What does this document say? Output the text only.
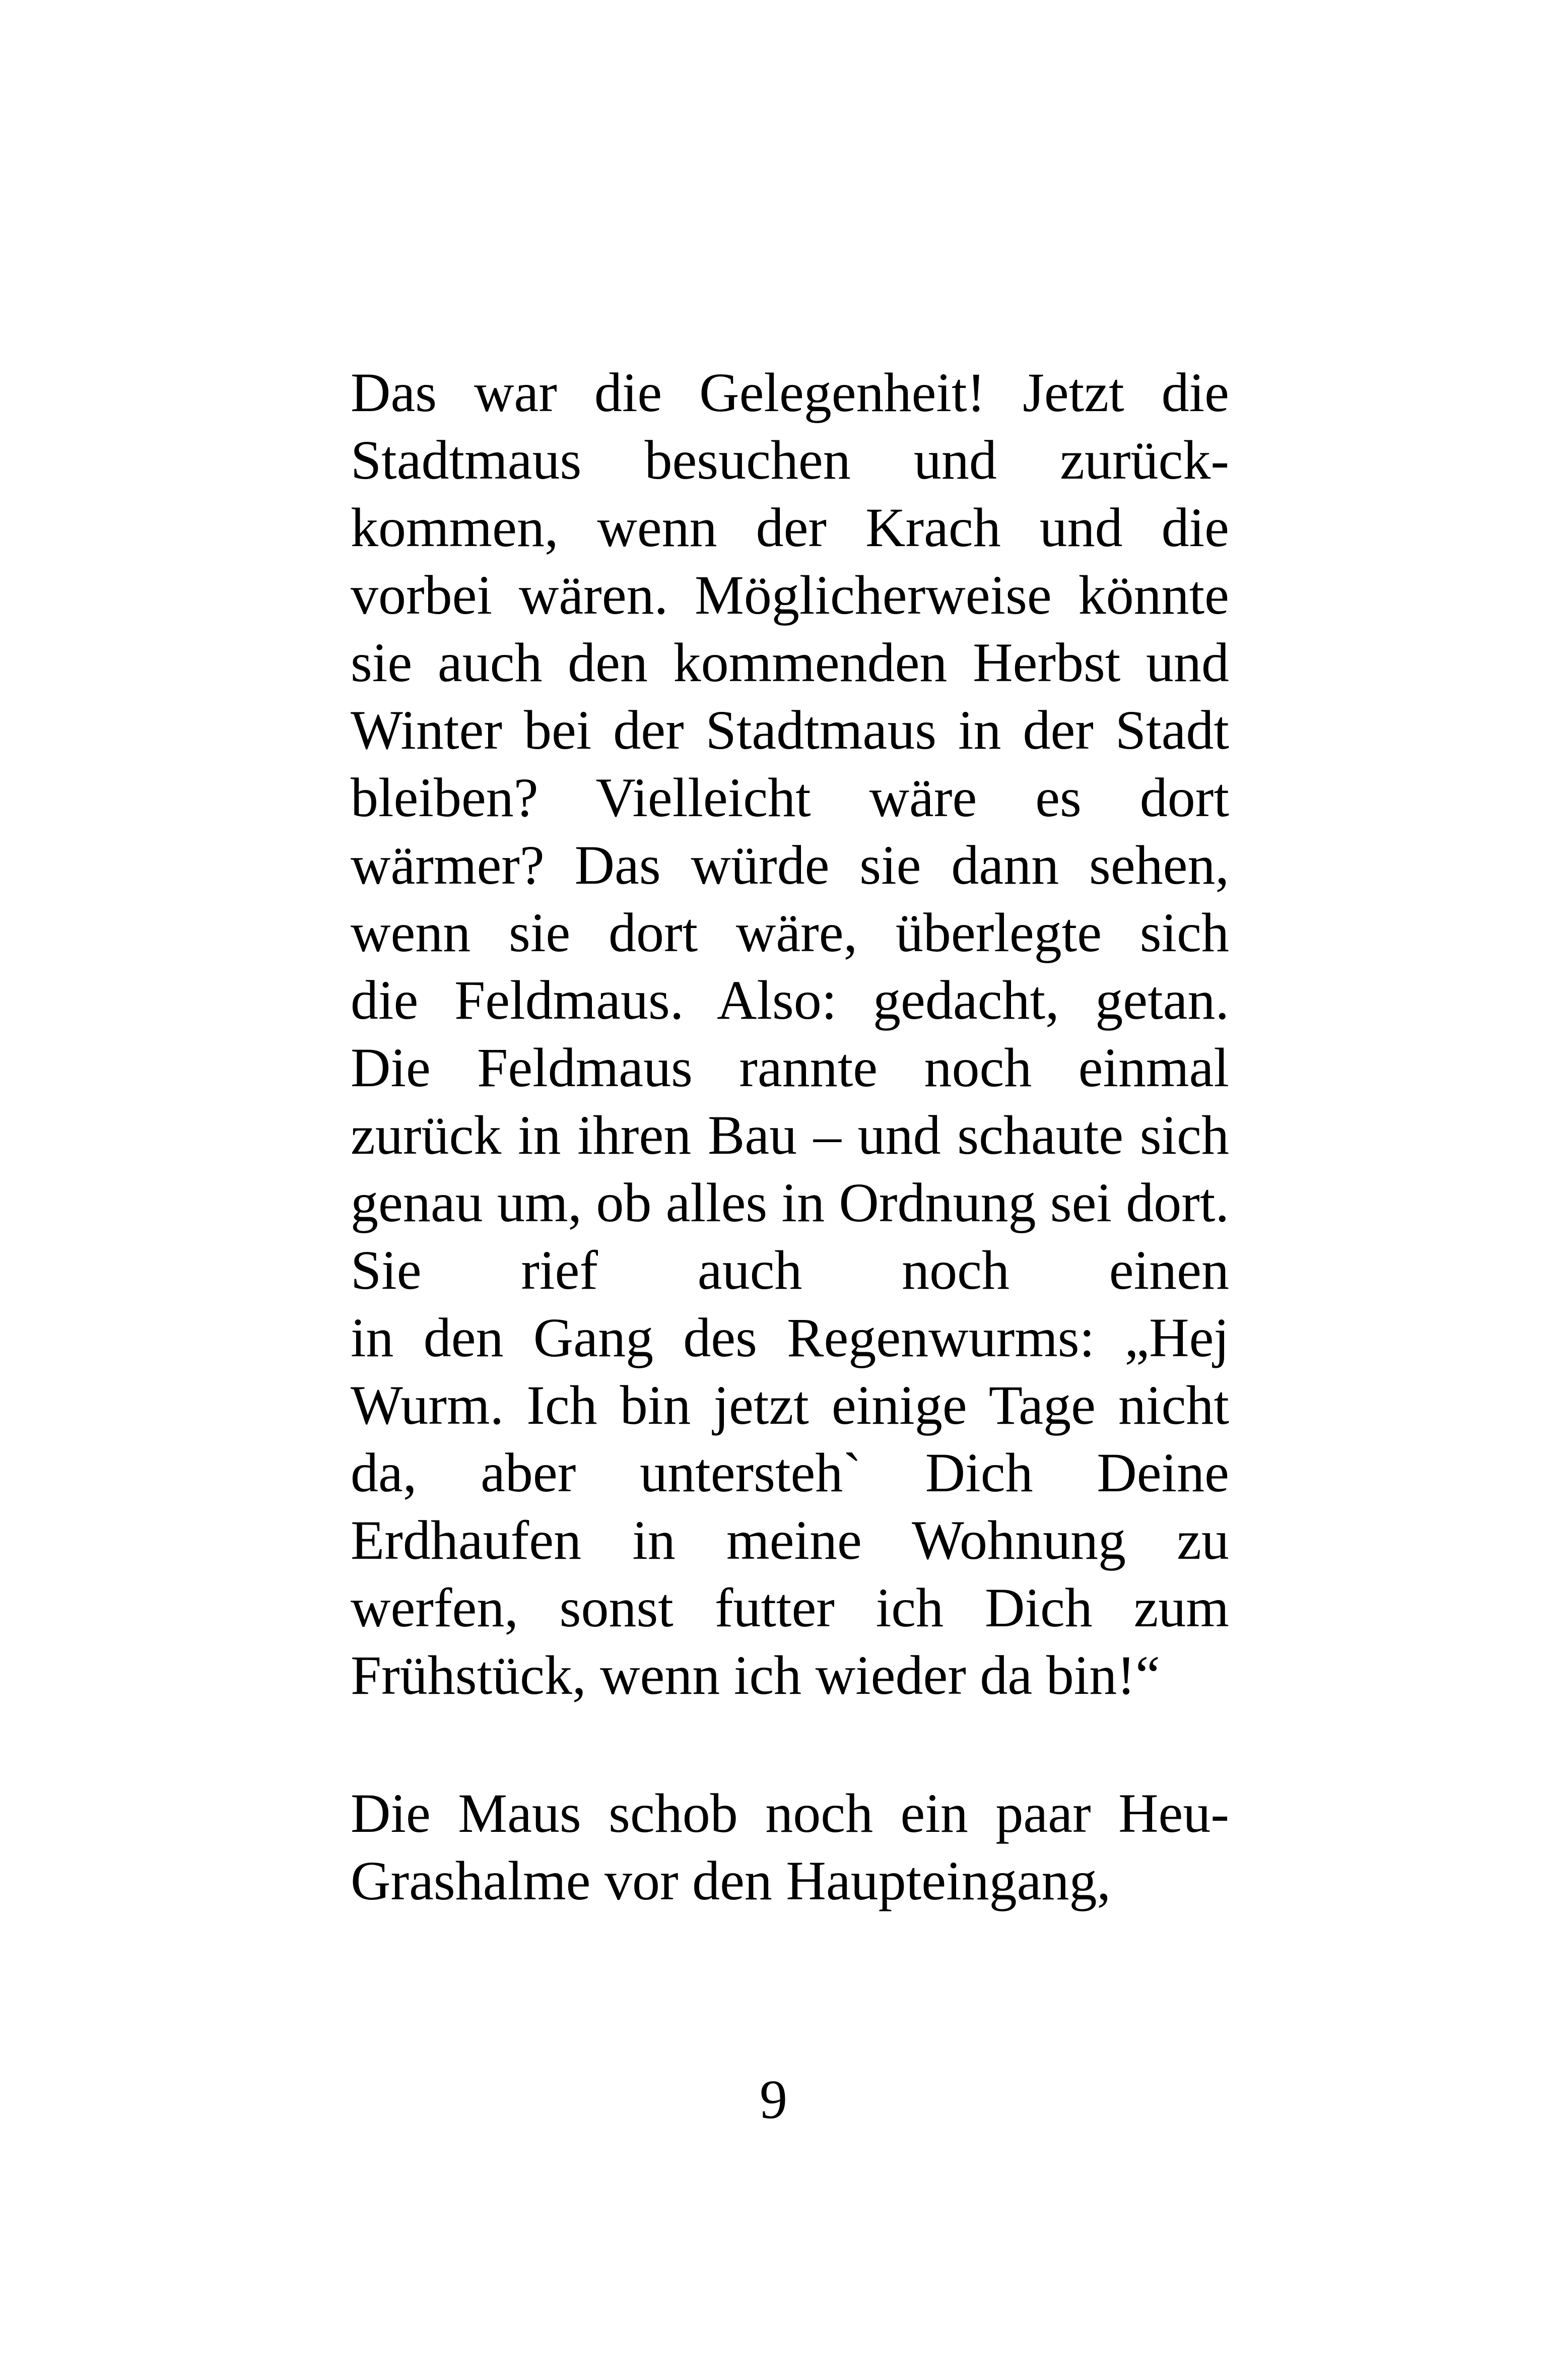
Das war die Gelegenheit! Jetzt die
Stadtmaus besuchen und zurück-
kommen, wenn der Krach und die
vorbei wären. Möglicherweise könnte
sie auch den kommenden Herbst und
Winter bei der Stadtmaus in der Stadt
bleiben? Vielleicht wäre es dort
wärmer? Das würde sie dann sehen,
wenn sie dort wäre, überlegte sich
die Feldmaus. Also: gedacht, getan.
Die Feldmaus rannte noch einmal
zurück in ihren Bau – und schaute sich
genau um, ob alles in Ordnung sei dort.
Sie rief auch noch einen
in den Gang des Regenwurms: „Hej
Wurm. Ich bin jetzt einige Tage nicht
da, aber untersteh` Dich Deine
Erdhaufen in meine Wohnung zu
werfen, sonst futter ich Dich zum
Frühstück, wenn ich wieder da bin!“
Die Maus schob noch ein paar Heu-
Grashalme vor den Haupteingang,
9
